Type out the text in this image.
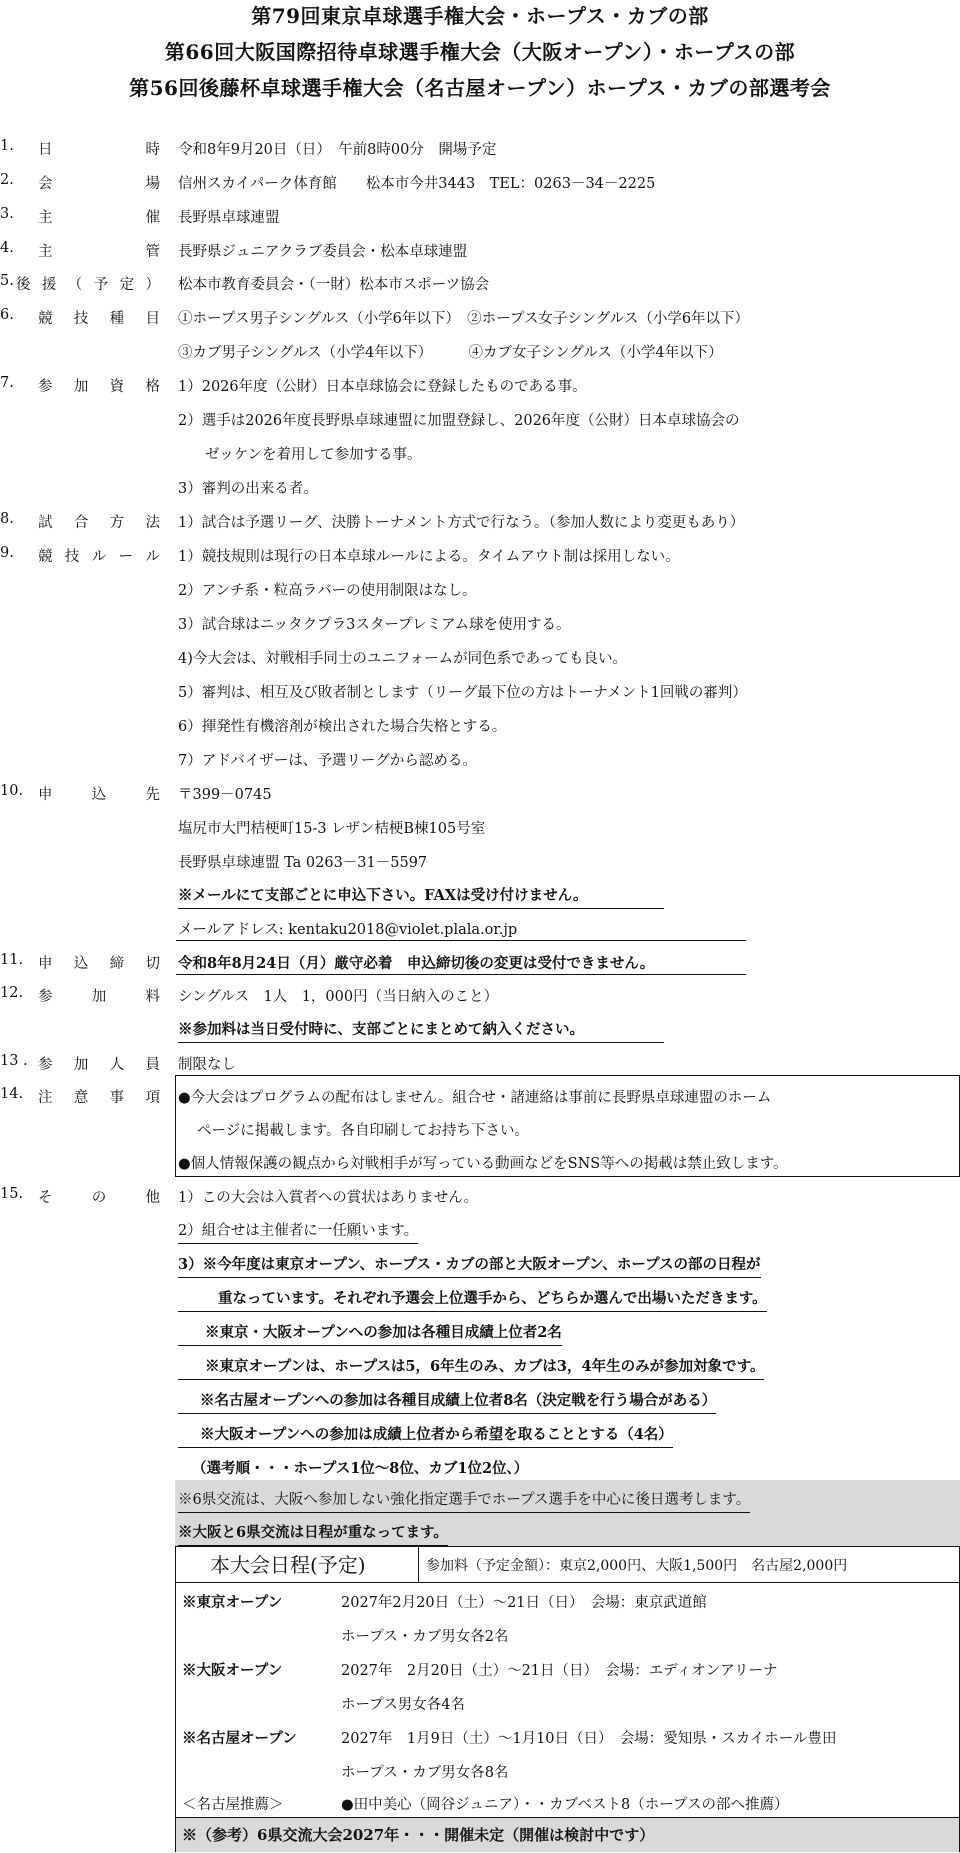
第79回東京卓球選手権大会・ホープス・カブの部
第66回大阪国際招待卓球選手権大会（大阪オープン）・ホープスの部
第56回後藤杯卓球選手権大会（名古屋オープン）ホープス・カブの部選考会
1. 日	時 令和8年9月20日（日）　午前8時00分　開場予定
2. 会	場 信州スカイパーク体育館　　松本市今井3443　TEL：0263－34－2225
3. 主	催 長野県卓球連盟
4. 主	管 長野県ジュニアクラブ委員会・松本卓球連盟
5. 後 援 （ 予 定 ） 松本市教育委員会・（一財）松本市スポーツ協会
6. 競 技 種 目 ①ホープス男子シングルス（小学6年以下）　②ホープス女子シングルス（小学6年以下）
③カブ男子シングルス（小学4年以下）　　　④カブ女子シングルス（小学4年以下）
7. 参 加 資 格 1）2026年度（公財）日本卓球協会に登録したものである事。
2）選手は2026年度長野県卓球連盟に加盟登録し、2026年度（公財）日本卓球協会の
ゼッケンを着用して参加する事。
3）審判の出来る者。
8. 試 合 方 法 1）試合は予選リーグ、決勝トーナメント方式で行なう。（参加人数により変更もあり）
9. 競 技 ル ー ル 1）競技規則は現行の日本卓球ルールによる。タイムアウト制は採用しない。
2）アンチ系・粒高ラバーの使用制限はなし。
3）試合球はニッタクプラ3スタープレミアム球を使用する。
4)今大会は、対戦相手同士のユニフォームが同色系であっても良い。
5）審判は、相互及び敗者制とします（リーグ最下位の方はトーナメント1回戦の審判）
6）揮発性有機溶剤が検出された場合失格とする。
7）アドバイザーは、予選リーグから認める。
10. 申	込	先 〒399－0745
塩尻市大門桔梗町15-3 レザン桔梗B棟105号室
長野県卓球連盟 Ta 0263－31－5597
※メールにて支部ごとに申込下さい。FAXは受け付けません。
メールアドレス: kentaku2018@violet.plala.or.jp
11. 申 込 締 切 令和8年8月24日（月）厳守必着　申込締切後の変更は受付できません。
12. 参	加	料 シングルス　1人　1，000円（当日納入のこと）
※参加料は当日受付時に、支部ごとにまとめて納入ください。
13 . 参 加 人 員 制限なし
14. 注 意 事 項 ●今大会はプログラムの配布はしません。組合せ・諸連絡は事前に長野県卓球連盟のホーム
ページに掲載します。各自印刷してお持ち下さい。
●個人情報保護の観点から対戦相手が写っている動画などをSNS等への掲載は禁止致します。
15. そ	の	他 1）この大会は入賞者への賞状はありません。
2）組合せは主催者に一任願います。
3）※今年度は東京オープン、ホープス・カブの部と大阪オープン、ホープスの部の日程が
重なっています。それぞれ予選会上位選手から、どちらか選んで出場いただきます。
※東京・大阪オープンへの参加は各種目成績上位者2名
※東京オープンは、ホープスは5，6年生のみ、カブは3，4年生のみが参加対象です。
※名古屋オープンへの参加は各種目成績上位者8名（決定戦を行う場合がある）
※大阪オープンへの参加は成績上位者から希望を取ることとする（4名）
（選考順・・・ホープス1位～8位、カブ1位2位、）
※6県交流は、大阪へ参加しない強化指定選手でホープス選手を中心に後日選考します。
※大阪と6県交流は日程が重なってます。
本大会日程(予定)	参加料（予定金額）：東京2,000円、大阪1,500円　名古屋2,000円
※東京オープン	2027年2月20日（土）～21日（日）　会場：東京武道館
ホープス・カブ男女各2名
※大阪オープン	2027年　2月20日（土）～21日（日）　会場：エディオンアリーナ
ホープス男女各4名
※名古屋オープン	2027年　1月9日（土）～1月10日（日）　会場：愛知県・スカイホール豊田
ホープス・カブ男女各8名
＜名古屋推薦＞	●田中美心（岡谷ジュニア）・・カブベスト8（ホープスの部へ推薦）
※（参考）6県交流大会2027年・・・開催未定（開催は検討中です）
